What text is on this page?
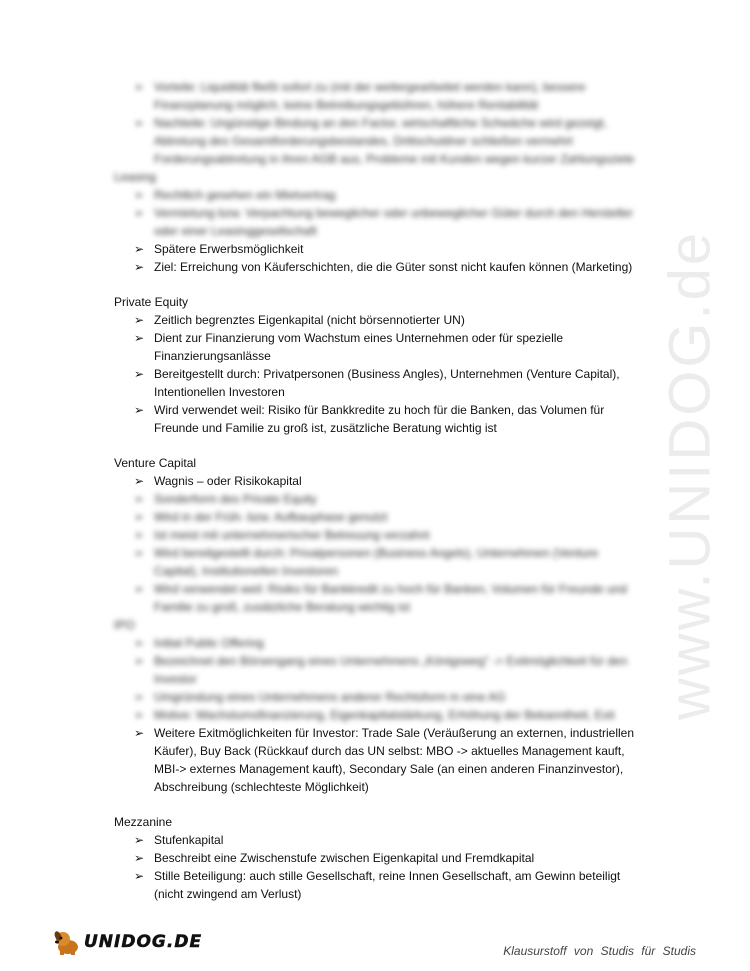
www.UNIDOG.de
➢ Vorteile: Liquidität fließt sofort zu (mit der weitergearbeitet werden kann), bessere Finanzplanung möglich, keine Betreibungsgebühren, höhere Rentabilität
➢ Nachteile: Ungünstige Bindung an den Factor, wirtschaftliche Schwäche wird gezeigt, Abtretung des Gesamtforderungsbestandes, Drittschuldner schließen vermehrt Forderungsabtretung in ihren AGB aus, Probleme mit Kunden wegen kurzer Zahlungsziele
Leasing
➢ Rechtlich gesehen ein Mietvertrag
➢ Vermietung bzw. Verpachtung beweglicher oder unbeweglicher Güter durch den Hersteller oder einer Leasinggesellschaft
➢ Spätere Erwerbsmöglichkeit
➢ Ziel: Erreichung von Käuferschichten, die die Güter sonst nicht kaufen können (Marketing)
Private Equity
➢ Zeitlich begrenztes Eigenkapital (nicht börsennotierter UN)
➢ Dient zur Finanzierung vom Wachstum eines Unternehmen oder für spezielle Finanzierungsanlässe
➢ Bereitgestellt durch: Privatpersonen (Business Angles), Unternehmen (Venture Capital), Intentionellen Investoren
➢ Wird verwendet weil: Risiko für Bankkredite zu hoch für die Banken, das Volumen für Freunde und Familie zu groß ist, zusätzliche Beratung wichtig ist
Venture Capital
➢ Wagnis – oder Risikokapital
➢ Sonderform des Private Equity
➢ Wird in der Früh- bzw. Aufbauphase genutzt
➢ Ist meist mit unternehmerischer Betreuung verzahnt
➢ Wird bereitgestellt durch: Privatpersonen (Business Angels), Unternehmen (Venture Capital), Institutionellen Investoren
➢ Wird verwendet weil: Risiko für Bankkredit zu hoch für Banken, Volumen für Freunde und Familie zu groß, zusätzliche Beratung wichtig ist
IPO
➢ Initial Public Offering
➢ Bezeichnet den Börsengang eines Unternehmens „Königsweg“ -> Exitmöglichkeit für den Investor
➢ Umgründung eines Unternehmens anderer Rechtsform in eine AG
➢ Motive: Wachstumsfinanzierung, Eigenkapitalstärkung, Erhöhung der Bekanntheit, Exit
➢ Weitere Exitmöglichkeiten für Investor: Trade Sale (Veräußerung an externen, industriellen Käufer), Buy Back (Rückkauf durch das UN selbst: MBO -> aktuelles Management kauft, MBI-> externes Management kauft), Secondary Sale (an einen anderen Finanzinvestor), Abschreibung (schlechteste Möglichkeit)
Mezzanine
➢ Stufenkapital
➢ Beschreibt eine Zwischenstufe zwischen Eigenkapital und Fremdkapital
➢ Stille Beteiligung: auch stille Gesellschaft, reine Innen Gesellschaft, am Gewinn beteiligt (nicht zwingend am Verlust)
UNIDOG.DE	Klausurstoff von Studis für Studis
